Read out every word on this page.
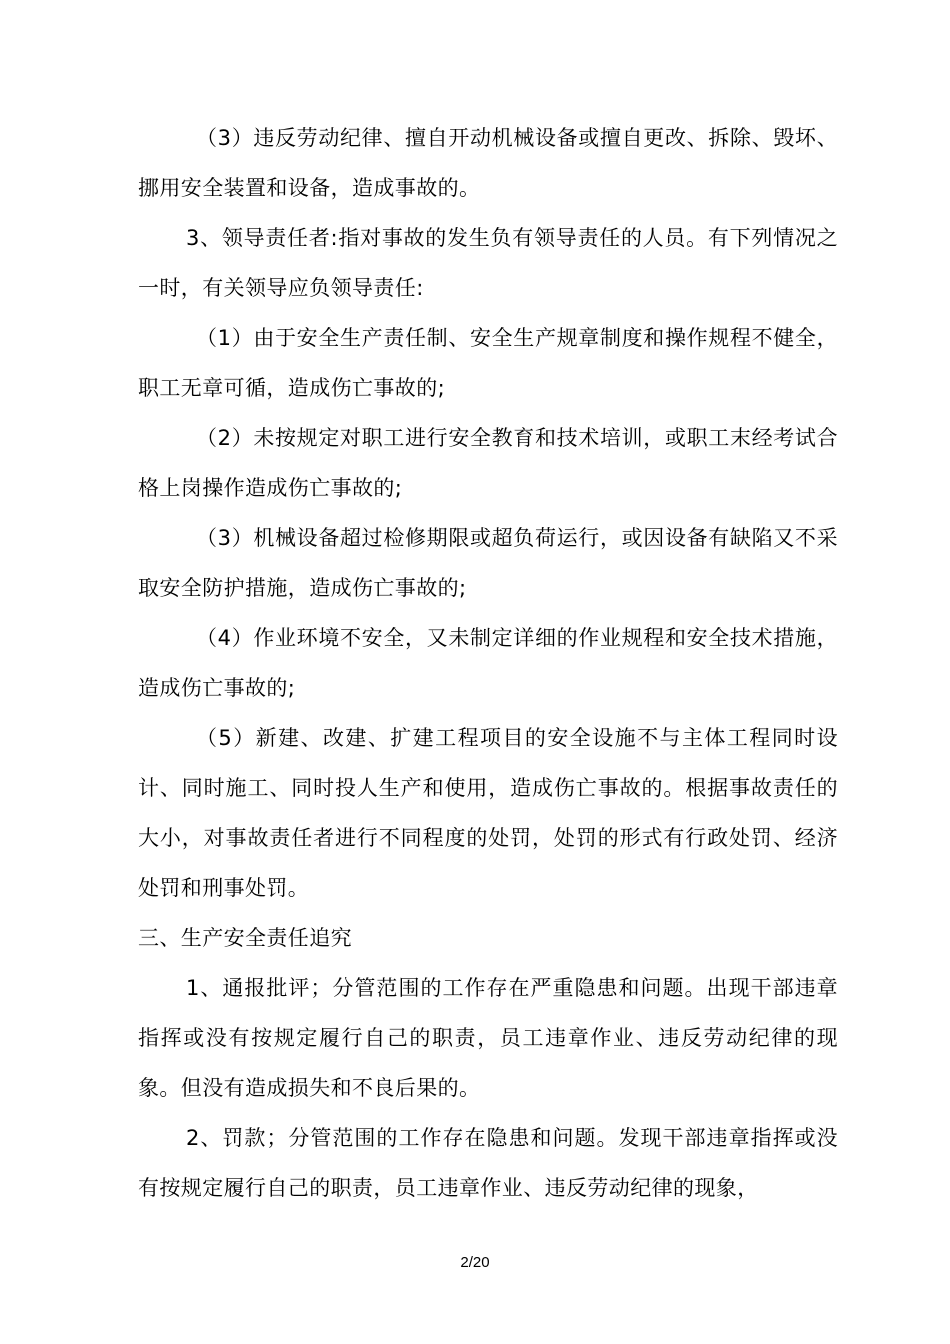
（3）违反劳动纪律、擅自开动机械设备或擅自更改、拆除、毁坏、挪用安全装置和设备，造成事故的。

3、领导责任者:指对事故的发生负有领导责任的人员。有下列情况之一时，有关领导应负领导责任:

（1）由于安全生产责任制、安全生产规章制度和操作规程不健全，职工无章可循，造成伤亡事故的;

（2）未按规定对职工进行安全教育和技术培训，或职工末经考试合格上岗操作造成伤亡事故的;

（3）机械设备超过检修期限或超负荷运行，或因设备有缺陷又不采取安全防护措施，造成伤亡事故的;

（4）作业环境不安全，又未制定详细的作业规程和安全技术措施，造成伤亡事故的;

（5）新建、改建、扩建工程项目的安全设施不与主体工程同时设计、同时施工、同时投人生产和使用，造成伤亡事故的。根据事故责任的大小，对事故责任者进行不同程度的处罚，处罚的形式有行政处罚、经济处罚和刑事处罚。

三、生产安全责任追究

1、通报批评；分管范围的工作存在严重隐患和问题。出现干部违章指挥或没有按规定履行自己的职责，员工违章作业、违反劳动纪律的现象。但没有造成损失和不良后果的。

2、罚款；分管范围的工作存在隐患和问题。发现干部违章指挥或没有按规定履行自己的职责，员工违章作业、违反劳动纪律的现象，

2/20
